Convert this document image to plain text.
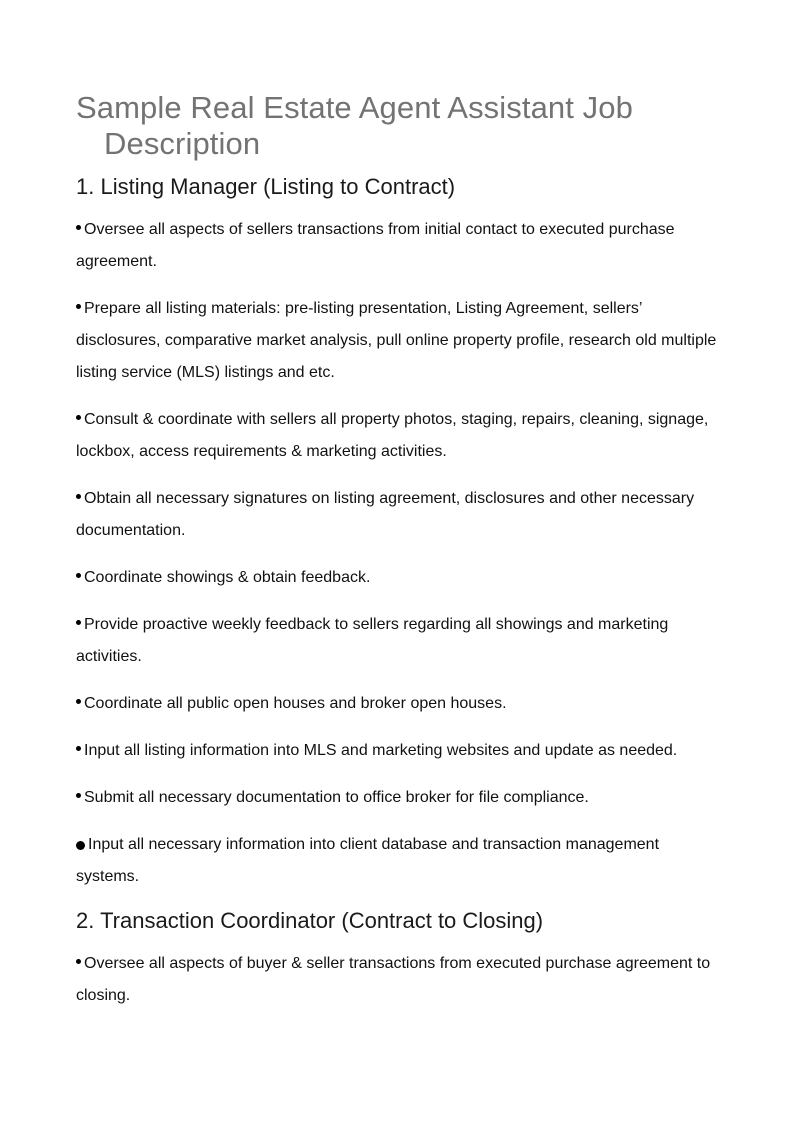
Sample Real Estate Agent Assistant Job
Description
1. Listing Manager (Listing to Contract)
Oversee all aspects of sellers transactions from initial contact to executed purchase agreement.
Prepare all listing materials: pre-listing presentation, Listing Agreement, sellers’ disclosures, comparative market analysis, pull online property profile, research old multiple listing service (MLS) listings and etc.
Consult & coordinate with sellers all property photos, staging, repairs, cleaning, signage, lockbox, access requirements & marketing activities.
Obtain all necessary signatures on listing agreement, disclosures and other necessary documentation.
Coordinate showings & obtain feedback.
Provide proactive weekly feedback to sellers regarding all showings and marketing activities.
Coordinate all public open houses and broker open houses.
Input all listing information into MLS and marketing websites and update as needed.
Submit all necessary documentation to office broker for file compliance.
Input all necessary information into client database and transaction management systems.
2. Transaction Coordinator (Contract to Closing)
Oversee all aspects of buyer & seller transactions from executed purchase agreement to closing.
